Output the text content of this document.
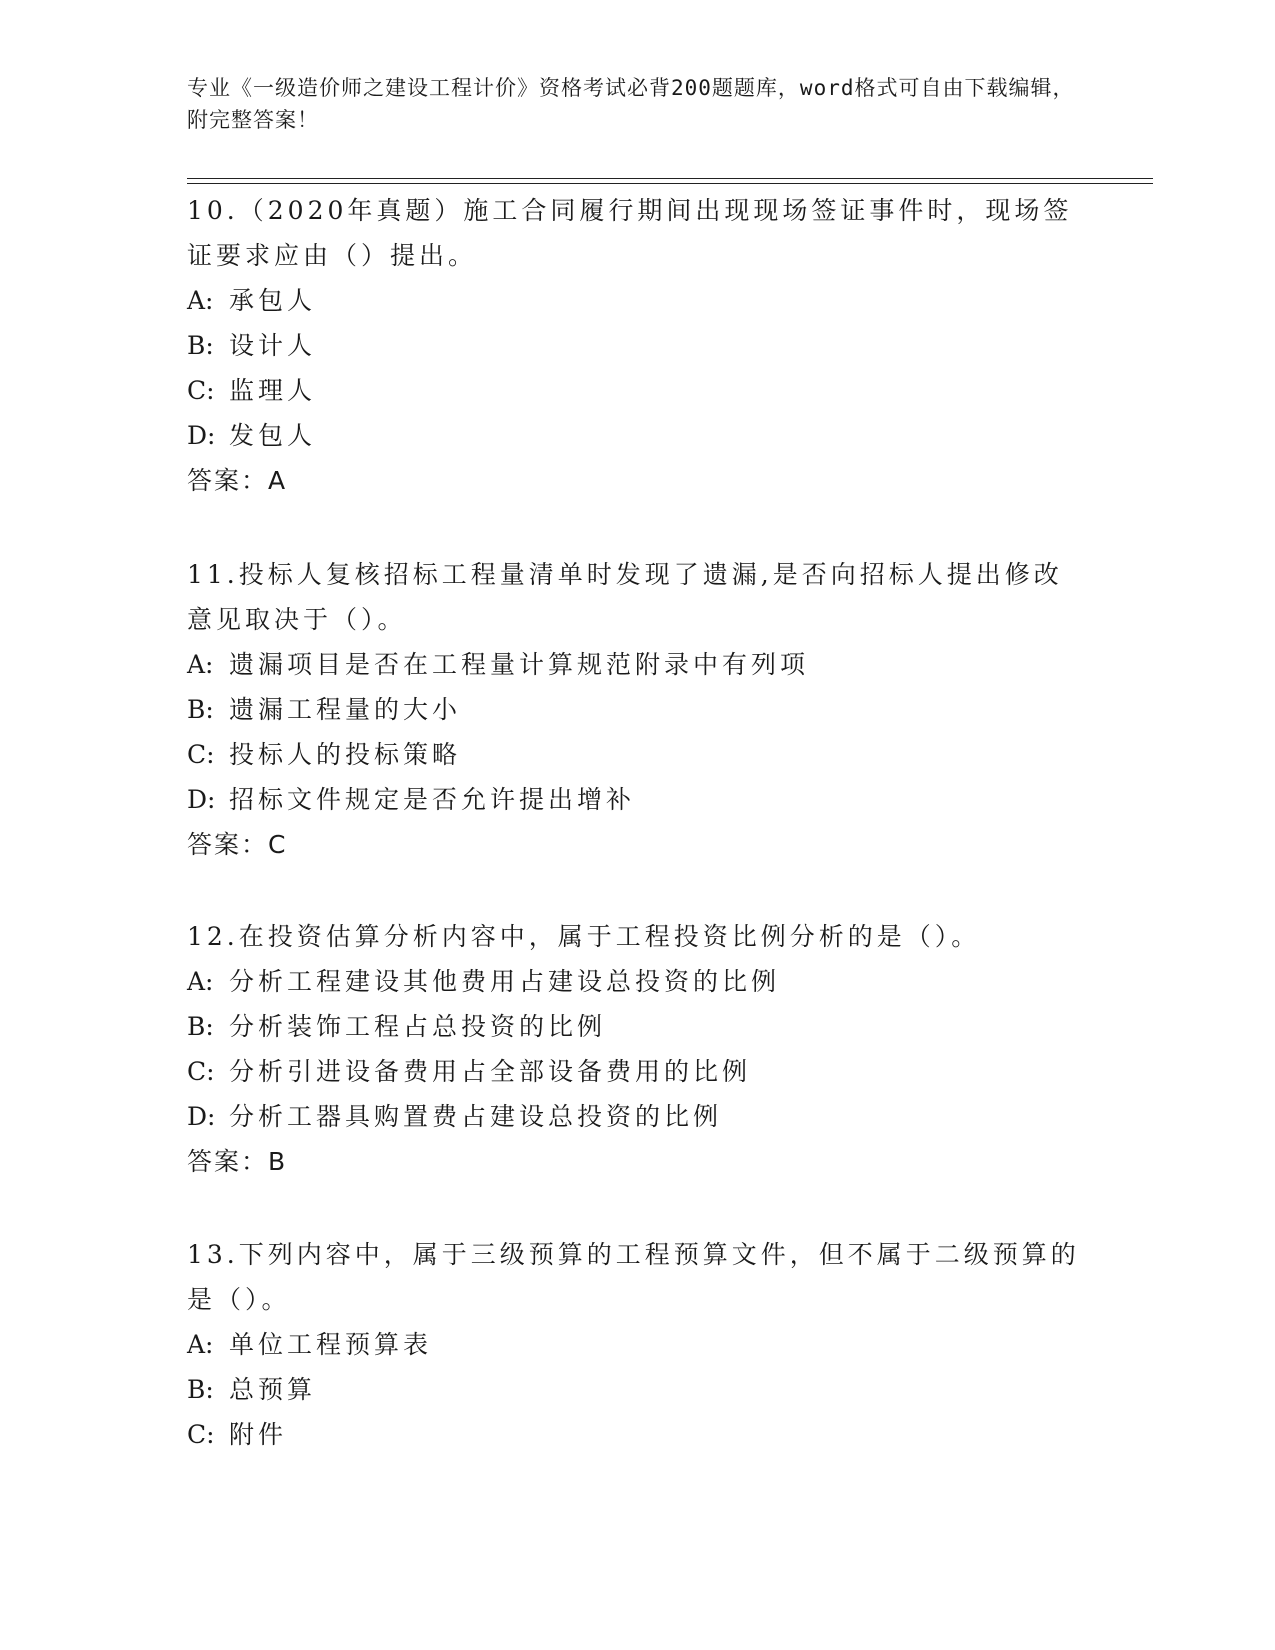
专业《一级造价师之建设工程计价》资格考试必背200题题库，word格式可自由下载编辑，附完整答案！
10.（2020年真题）施工合同履行期间出现现场签证事件时，现场签证要求应由（）提出。
A: 承包人
B: 设计人
C: 监理人
D: 发包人
答案：A
11.投标人复核招标工程量清单时发现了遗漏,是否向招标人提出修改意见取决于（）。
A: 遗漏项目是否在工程量计算规范附录中有列项
B: 遗漏工程量的大小
C: 投标人的投标策略
D: 招标文件规定是否允许提出增补
答案：C
12.在投资估算分析内容中，属于工程投资比例分析的是（）。
A: 分析工程建设其他费用占建设总投资的比例
B: 分析装饰工程占总投资的比例
C: 分析引进设备费用占全部设备费用的比例
D: 分析工器具购置费占建设总投资的比例
答案：B
13.下列内容中，属于三级预算的工程预算文件，但不属于二级预算的是（）。
A: 单位工程预算表
B: 总预算
C: 附件
